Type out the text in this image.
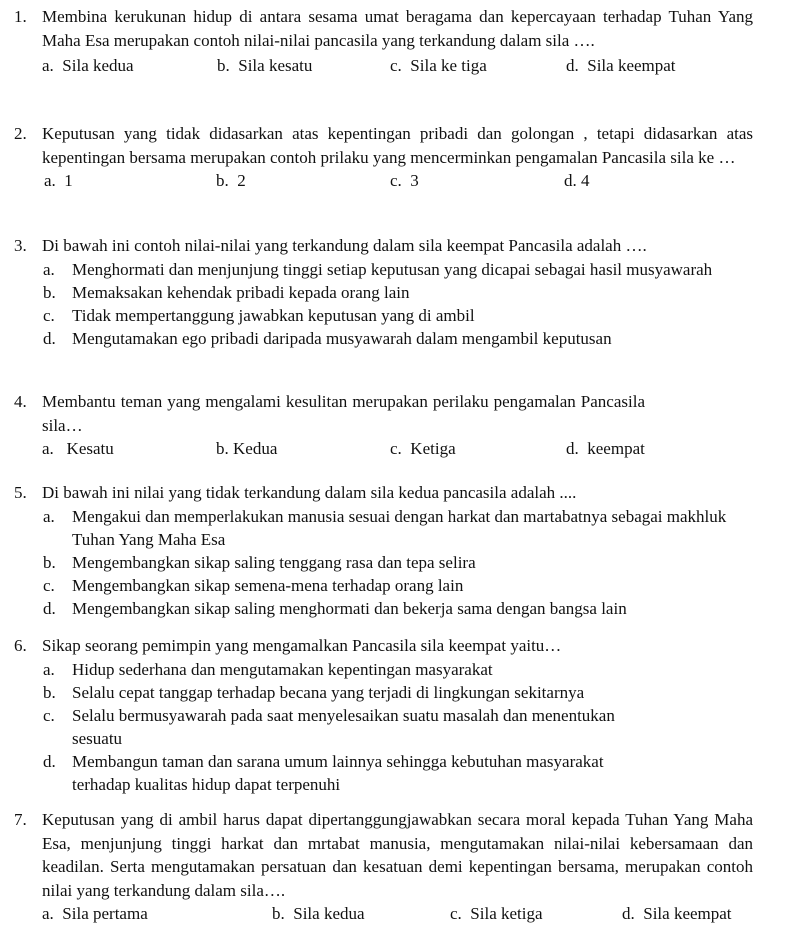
1. Membina kerukunan hidup di antara sesama umat beragama dan kepercayaan terhadap Tuhan Yang Maha Esa merupakan contoh nilai-nilai pancasila yang terkandung dalam sila ….
a. Sila kedua	b. Sila kesatu	c. Sila ke tiga	d. Sila keempat
2. Keputusan yang tidak didasarkan atas kepentingan pribadi dan golongan , tetapi didasarkan atas kepentingan bersama merupakan contoh prilaku yang mencerminkan pengamalan Pancasila sila ke …
a. 1	b. 2	c. 3	d. 4
3. Di bawah ini contoh nilai-nilai yang terkandung dalam sila keempat Pancasila adalah ….
a. Menghormati dan menjunjung tinggi setiap keputusan yang dicapai sebagai hasil musyawarah
b. Memaksakan kehendak pribadi kepada orang lain
c. Tidak mempertanggung jawabkan keputusan yang di ambil
d. Mengutamakan ego pribadi daripada musyawarah dalam mengambil keputusan
4. Membantu teman yang mengalami kesulitan merupakan perilaku pengamalan Pancasila sila…
a. Kesatu	b. Kedua	c. Ketiga	d. keempat
5. Di bawah ini nilai yang tidak terkandung dalam sila kedua pancasila adalah ....
a. Mengakui dan memperlakukan manusia sesuai dengan harkat dan martabatnya sebagai makhluk Tuhan Yang Maha Esa
b. Mengembangkan sikap saling tenggang rasa dan tepa selira
c. Mengembangkan sikap semena-mena terhadap orang lain
d. Mengembangkan sikap saling menghormati dan bekerja sama dengan bangsa lain
6. Sikap seorang pemimpin yang mengamalkan Pancasila sila keempat yaitu…
a. Hidup sederhana dan mengutamakan kepentingan masyarakat
b. Selalu cepat tanggap terhadap becana yang terjadi di lingkungan sekitarnya
c. Selalu bermusyawarah pada saat menyelesaikan suatu masalah dan menentukan sesuatu
d. Membangun taman dan sarana umum lainnya sehingga kebutuhan masyarakat terhadap kualitas hidup dapat terpenuhi
7. Keputusan yang di ambil harus dapat dipertanggungjawabkan secara moral kepada Tuhan Yang Maha Esa, menjunjung tinggi harkat dan mrtabat manusia, mengutamakan nilai-nilai kebersamaan dan keadilan. Serta mengutamakan persatuan dan kesatuan demi kepentingan bersama, merupakan contoh nilai yang terkandung dalam sila….
a. Sila pertama	b. Sila kedua	c. Sila ketiga	d. Sila keempat
